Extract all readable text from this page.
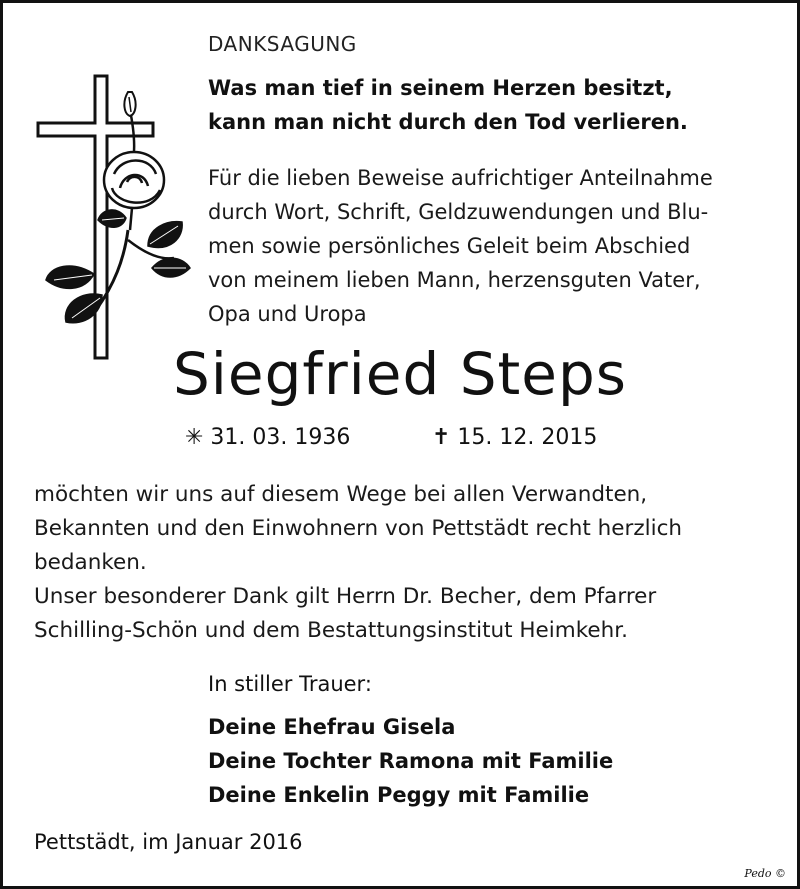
DANKSAGUNG
Was man tief in seinem Herzen besitzt,
kann man nicht durch den Tod verlieren.
Für die lieben Beweise aufrichtiger Anteilnahme
durch Wort, Schrift, Geldzuwendungen und Blu-
men sowie persönliches Geleit beim Abschied
von meinem lieben Mann, herzensguten Vater,
Opa und Uropa
Siegfried Steps
✳ 31. 03. 1936	✝ 15. 12. 2015
möchten wir uns auf diesem Wege bei allen Verwandten,
Bekannten und den Einwohnern von Pettstädt recht herzlich
bedanken.
Unser besonderer Dank gilt Herrn Dr. Becher, dem Pfarrer
Schilling-Schön und dem Bestattungsinstitut Heimkehr.
In stiller Trauer:
Deine Ehefrau Gisela
Deine Tochter Ramona mit Familie
Deine Enkelin Peggy mit Familie
Pettstädt, im Januar 2016
Pedo ©
